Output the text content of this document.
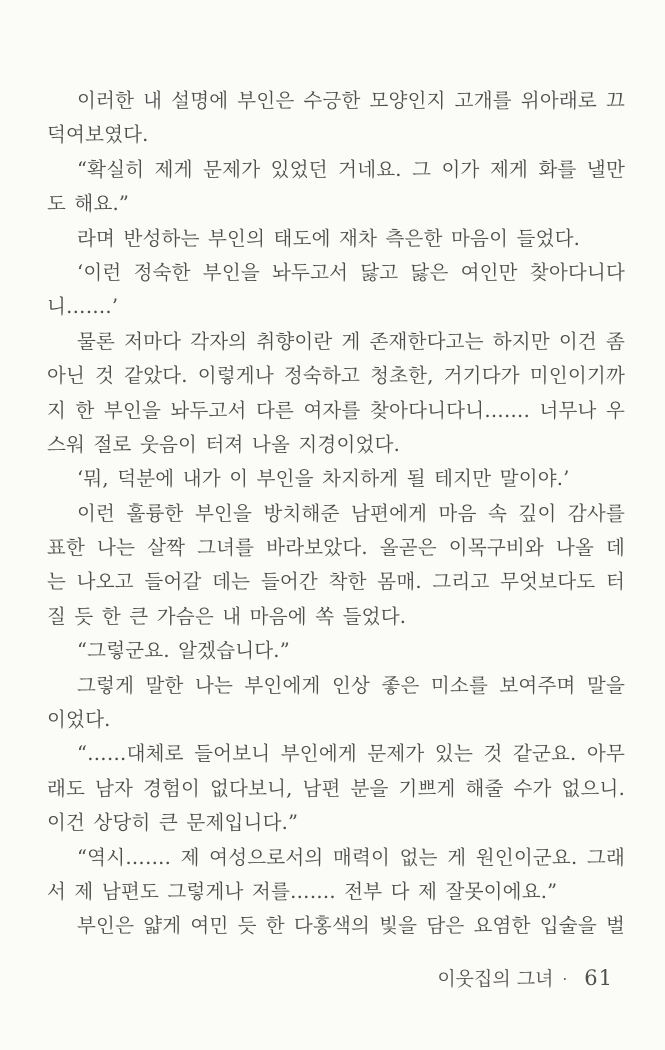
이러한 내 설명에 부인은 수긍한 모양인지 고개를 위아래로 끄
덕여보였다.
“확실히 제게 문제가 있었던 거네요. 그 이가 제게 화를 낼만
도 해요.”
라며 반성하는 부인의 태도에 재차 측은한 마음이 들었다.
‘이런 정숙한 부인을 놔두고서 닳고 닳은 여인만 찾아다니다
니…….’
물론 저마다 각자의 취향이란 게 존재한다고는 하지만 이건 좀
아닌 것 같았다. 이렇게나 정숙하고 청초한, 거기다가 미인이기까
지 한 부인을 놔두고서 다른 여자를 찾아다니다니……. 너무나 우
스워 절로 웃음이 터져 나올 지경이었다.
‘뭐, 덕분에 내가 이 부인을 차지하게 될 테지만 말이야.’
이런 훌륭한 부인을 방치해준 남편에게 마음 속 깊이 감사를
표한 나는 살짝 그녀를 바라보았다. 올곧은 이목구비와 나올 데
는 나오고 들어갈 데는 들어간 착한 몸매. 그리고 무엇보다도 터
질 듯 한 큰 가슴은 내 마음에 쏙 들었다.
“그렇군요. 알겠습니다.”
그렇게 말한 나는 부인에게 인상 좋은 미소를 보여주며 말을
이었다.
“……대체로 들어보니 부인에게 문제가 있는 것 같군요. 아무
래도 남자 경험이 없다보니, 남편 분을 기쁘게 해줄 수가 없으니.
이건 상당히 큰 문제입니다.”
“역시……. 제 여성으로서의 매력이 없는 게 원인이군요. 그래
서 제 남편도 그렇게나 저를……. 전부 다 제 잘못이에요.”
부인은 얇게 여민 듯 한 다홍색의 빛을 담은 요염한 입술을 벌
이웃집의 그녀 · 61
